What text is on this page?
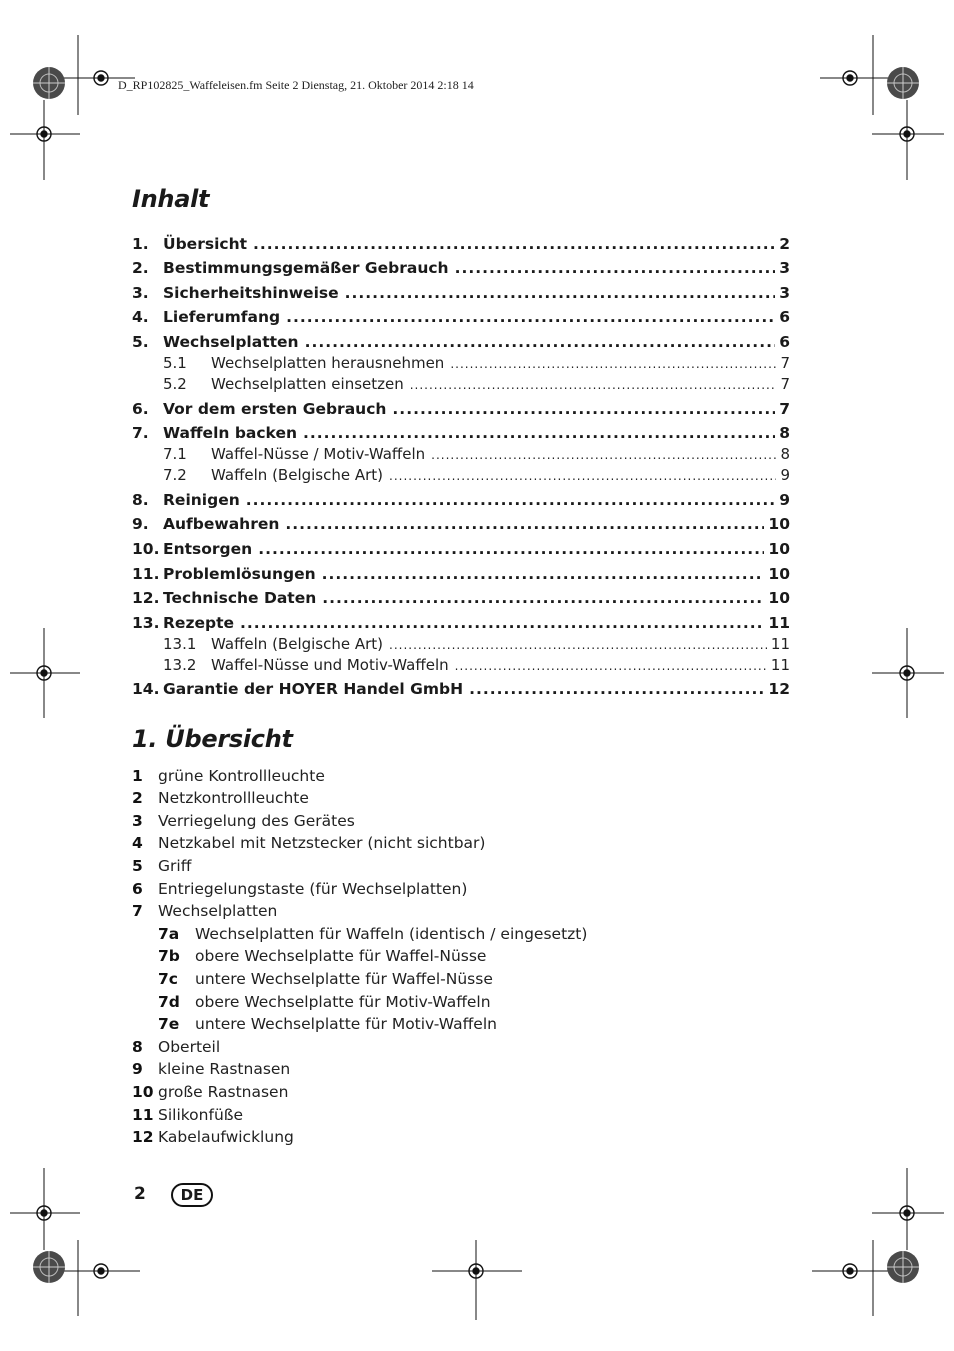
D_RP102825_Waffeleisen.fm Seite 2 Dienstag, 21. Oktober 2014 2:18 14
Inhalt
1. Übersicht .....	2
2. Bestimmungsgemäßer Gebrauch .....	3
3. Sicherheitshinweise .....	3
4. Lieferumfang .....	6
5. Wechselplatten .....	6
5.1	Wechselplatten herausnehmen .....	7
5.2	Wechselplatten einsetzen .....	7
6. Vor dem ersten Gebrauch .....	7
7. Waffeln backen .....	8
7.1	Waffel-Nüsse / Motiv-Waffeln .....	8
7.2	Waffeln (Belgische Art) .....	9
8. Reinigen .....	9
9. Aufbewahren .....	10
10. Entsorgen .....	10
11. Problemlösungen .....	10
12. Technische Daten .....	10
13. Rezepte .....	11
13.1 Waffeln (Belgische Art) .....	11
13.2 Waffel-Nüsse und Motiv-Waffeln .....	11
14. Garantie der HOYER Handel GmbH .....	12
1. Übersicht
1 grüne Kontrollleuchte
2 Netzkontrollleuchte
3 Verriegelung des Gerätes
4 Netzkabel mit Netzstecker (nicht sichtbar)
5 Griff
6 Entriegelungstaste (für Wechselplatten)
7 Wechselplatten
7a	Wechselplatten für Waffeln (identisch / eingesetzt)
7b obere Wechselplatte für Waffel-Nüsse
7c	untere Wechselplatte für Waffel-Nüsse
7d obere Wechselplatte für Motiv-Waffeln
7e	untere Wechselplatte für Motiv-Waffeln
8 Oberteil
9 kleine Rastnasen
10 große Rastnasen
11 Silikonfüße
12 Kabelaufwicklung
2	DE
